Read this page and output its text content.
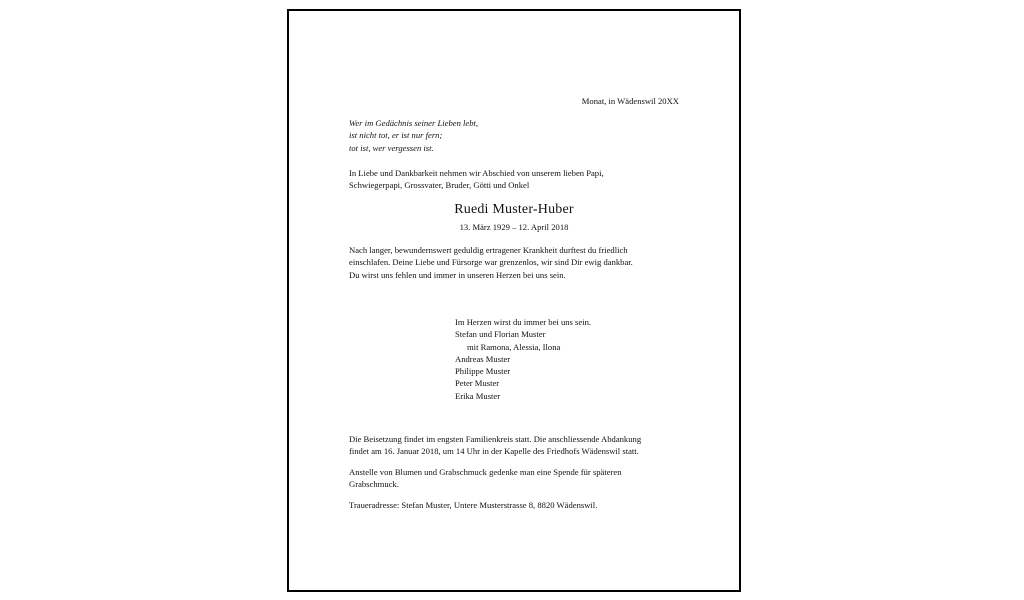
Monat, in Wädenswil 20XX
Wer im Gedächnis seiner Lieben lebt,
ist nicht tot, er ist nur fern;
tot ist, wer vergessen ist.
In Liebe und Dankbarkeit nehmen wir Abschied von unserem lieben Papi,
Schwiegerpapi, Grossvater, Bruder, Götti und Onkel
Ruedi Muster-Huber
13. März 1929 – 12. April 2018
Nach langer, bewundernswert geduldig ertragener Krankheit durftest du friedlich
einschlafen. Deine Liebe und Fürsorge war grenzenlos, wir sind Dir ewig dankbar.
Du wirst uns fehlen und immer in unseren Herzen bei uns sein.
Im Herzen wirst du immer bei uns sein.
Stefan und Florian Muster
mit Ramona, Alessia, Ilona
Andreas Muster
Philippe Muster
Peter Muster
Erika Muster
Die Beisetzung findet im engsten Familienkreis statt. Die anschliessende Abdankung
findet am 16. Januar 2018, um 14 Uhr in der Kapelle des Friedhofs Wädenswil statt.
Anstelle von Blumen und Grabschmuck gedenke man eine Spende für späteren
Grabschmuck.
Traueradresse: Stefan Muster, Untere Musterstrasse 8, 8820 Wädenswil.
